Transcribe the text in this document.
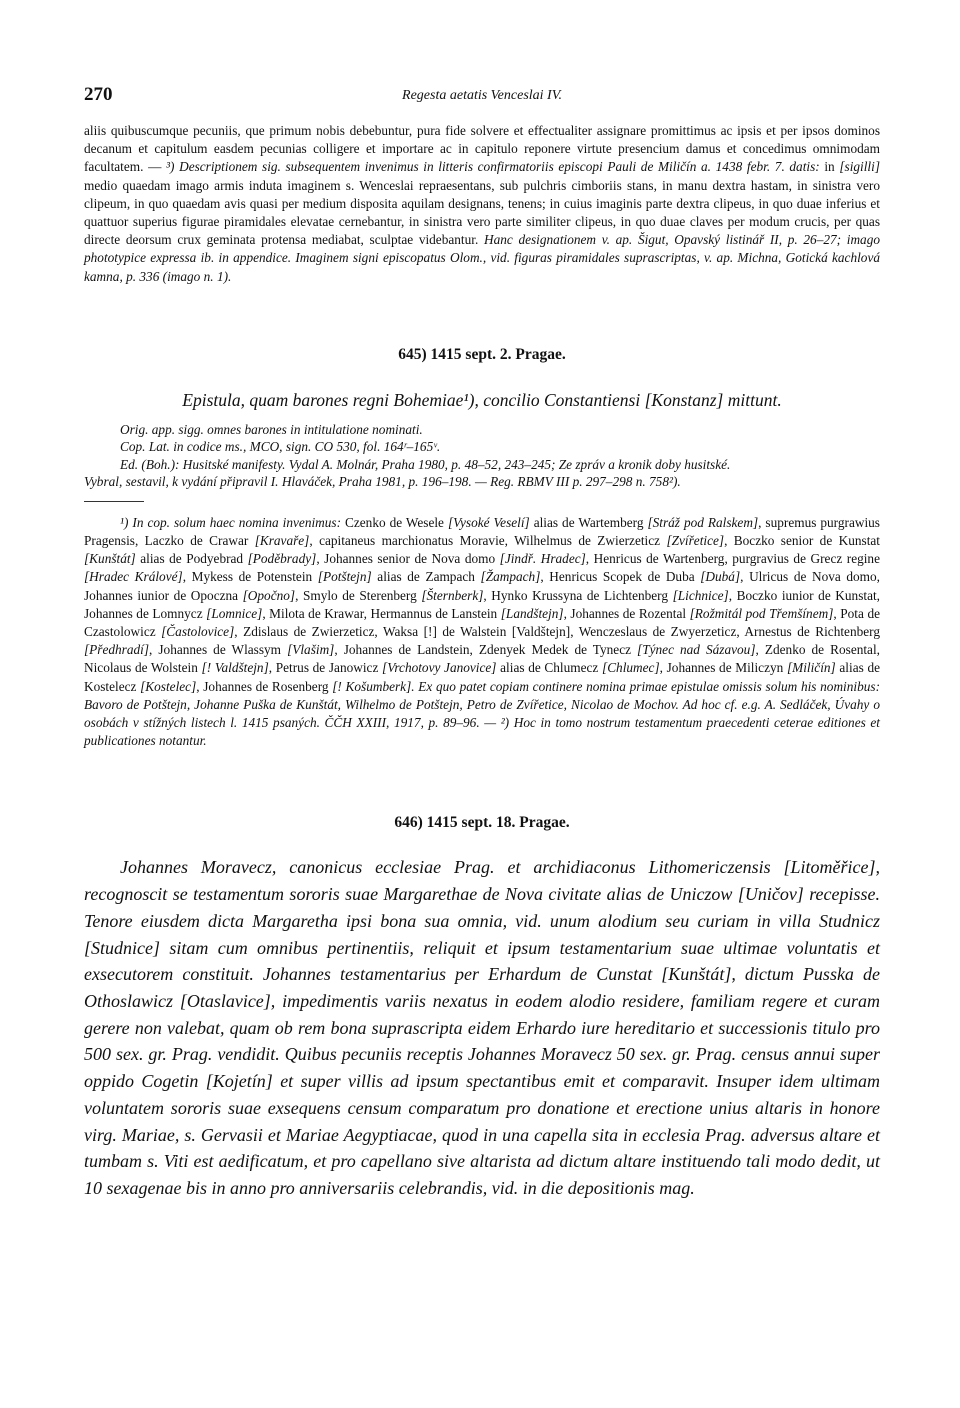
270	Regesta aetatis Venceslai IV.

aliis quibuscumque pecuniis, que primum nobis debebuntur, pura fide solvere et effectualiter assignare promittimus ac ipsis et per ipsos dominos decanum et capitulum easdem pecunias colligere et importare ac in capitulo reponere virtute presencium damus et concedimus omnimodam facultatem. — ³) Descriptionem sig. subsequentem invenimus in litteris confirmatoriis episcopi Pauli de Miličín a. 1438 febr. 7. datis: in [sigilli] medio quaedam imago armis induta imaginem s. Wenceslai repraesentans, sub pulchris cimboriis stans, in manu dextra hastam, in sinistra vero clipeum, in quo quaedam avis quasi per medium disposita aquilam designans, tenens; in cuius imaginis parte dextra clipeus, in quo duae inferius et quattuor superius figurae piramidales elevatae cernebantur, in sinistra vero parte similiter clipeus, in quo duae claves per modum crucis, per quas directe deorsum crux geminata protensa mediabat, sculptae videbantur. Hanc designationem v. ap. Šigut, Opavský listinář II, p. 26–27; imago phototypice expressa ib. in appendice. Imaginem signi episcopatus Olom., vid. figuras piramidales suprascriptas, v. ap. Michna, Gotická kachlová kamna, p. 336 (imago n. 1).

645) 1415 sept. 2. Pragae.
Epistula, quam barones regni Bohemiae¹), concilio Constantiensi [Konstanz] mittunt.
Orig. app. sigg. omnes barones in intitulatione nominati.
Cop. Lat. in codice ms., MCO, sign. CO 530, fol. 164ʳ–165ᵛ.
Ed. (Boh.): Husitské manifesty. Vydal A. Molnár, Praha 1980, p. 48–52, 243–245; Ze zpráv a kronik doby husitské.
Vybral, sestavil, k vydání připravil I. Hlaváček, Praha 1981, p. 196–198. — Reg. RBMV III p. 297–298 n. 758²).

¹) In cop. solum haec nomina invenimus: Czenko de Wesele [Vysoké Veselí] alias de Wartemberg [Stráž pod Ralskem], supremus purgrawius Pragensis, Laczko de Crawar [Kravaře], capitaneus marchionatus Moravie, Wilhelmus de Zwierzeticz [Zvířetice], Boczko senior de Kunstat [Kunštát] alias de Podyebrad [Poděbrady], Johannes senior de Nova domo [Jindř. Hradec], Henricus de Wartenberg, purgravius de Grecz regine [Hradec Králové], Mykess de Potenstein [Potštejn] alias de Zampach [Žampach], Henricus Scopek de Duba [Dubá], Ulricus de Nova domo, Johannes iunior de Opoczna [Opočno], Smylo de Sterenberg [Šternberk], Hynko Krussyna de Lichtenberg [Lichnice], Boczko iunior de Kunstat, Johannes de Lomnycz [Lomnice], Milota de Krawar, Hermannus de Lanstein [Landštejn], Johannes de Rozental [Rožmitál pod Třemšínem], Pota de Czastolowicz [Častolovice], Zdislaus de Zwierzeticz, Waksa [!] de Walstein [Valdštejn], Wenczeslaus de Zwyerzeticz, Arnestus de Richtenberg [Předhradí], Johannes de Wlassym [Vlašim], Johannes de Landstein, Zdenyek Medek de Tynecz [Týnec nad Sázavou], Zdenko de Rosental, Nicolaus de Wolstein [! Valdštejn], Petrus de Janowicz [Vrchotovy Janovice] alias de Chlumecz [Chlumec], Johannes de Miliczyn [Miličín] alias de Kostelecz [Kostelec], Johannes de Rosenberg [! Košumberk]. Ex quo patet copiam continere nomina primae epistulae omissis solum his nominibus: Bavoro de Potštejn, Johanne Puška de Kunštát, Wilhelmo de Potštejn, Petro de Zvířetice, Nicolao de Mochov. Ad hoc cf. e.g. A. Sedláček, Úvahy o osobách v stížných listech l. 1415 psaných. ČČH XXIII, 1917, p. 89–96. — ²) Hoc in tomo nostrum testamentum praecedenti ceterae editiones et publicationes notantur.

646) 1415 sept. 18. Pragae.

Johannes Moravecz, canonicus ecclesiae Prag. et archidiaconus Lithomericzensis [Litoměřice], recognoscit se testamentum sororis suae Margarethae de Nova civitate alias de Uniczow [Uničov] recepisse. Tenore eiusdem dicta Margaretha ipsi bona sua omnia, vid. unum alodium seu curiam in villa Studnicz [Studnice] sitam cum omnibus pertinentiis, reliquit et ipsum testamentarium suae ultimae voluntatis et exsecutorem constituit. Johannes testamentarius per Erhardum de Cunstat [Kunštát], dictum Pusska de Othoslawicz [Otaslavice], impedimentis variis nexatus in eodem alodio residere, familiam regere et curam gerere non valebat, quam ob rem bona suprascripta eidem Erhardo iure hereditario et successionis titulo pro 500 sex. gr. Prag. vendidit. Quibus pecuniis receptis Johannes Moravecz 50 sex. gr. Prag. census annui super oppido Cogetin [Kojetín] et super villis ad ipsum spectantibus emit et comparavit. Insuper idem ultimam voluntatem sororis suae exsequens censum comparatum pro donatione et erectione unius altaris in honore virg. Mariae, s. Gervasii et Mariae Aegyptiacae, quod in una capella sita in ecclesia Prag. adversus altare et tumbam s. Viti est aedificatum, et pro capellano sive altarista ad dictum altare instituendo tali modo dedit, ut 10 sexagenae bis in anno pro anniversariis celebrandis, vid. in die depositionis mag.
